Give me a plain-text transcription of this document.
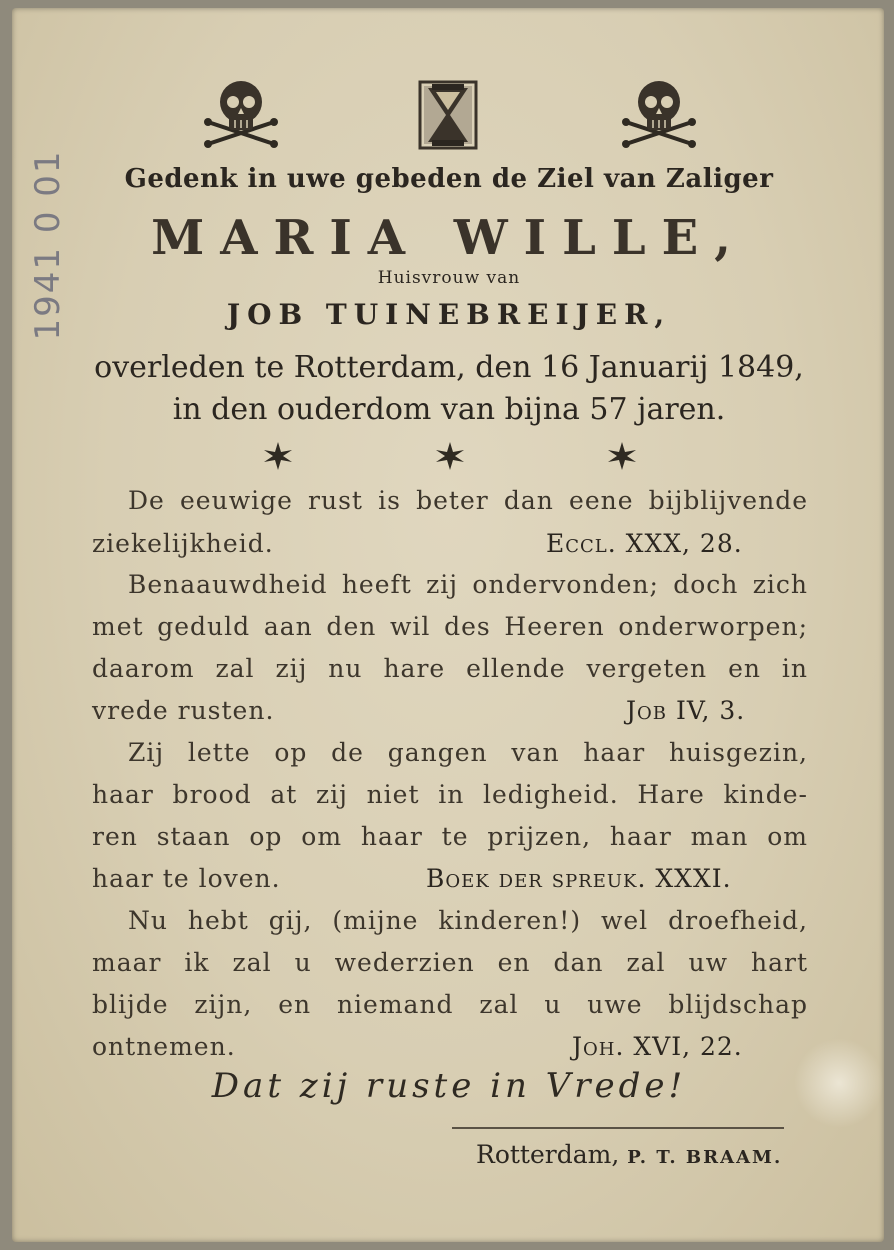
1941 0 01	Gedenk in uwe gebeden de Ziel van Zaliger
MARIA WILLE,
Huisvrouw van
JOB TUINEBREIJER,
overleden te Rotterdam, den 16 Januarij 1849,
in den ouderdom van bijna 57 jaren.
De eeuwige rust is beter dan eene bijblijvende
ziekelijkheid.	Eccl. XXX, 28.
Benaauwdheid heeft zij ondervonden; doch zich
met geduld aan den wil des Heeren onderworpen;
daarom zal zij nu hare ellende vergeten en in
vrede rusten.	Job IV, 3.
Zij lette op de gangen van haar huisgezin,
haar brood at zij niet in ledigheid. Hare kinde-
ren staan op om haar te prijzen, haar man om
haar te loven.	Boek der spreuk. XXXI.
Nu hebt gij, (mijne kinderen!) wel droefheid,
maar ik zal u wederzien en dan zal uw hart
blijde zijn, en niemand zal u uwe blijdschap
ontnemen.	Joh. XVI, 22.
Dat zij ruste in Vrede!
Rotterdam, P. T. BRAAM.
